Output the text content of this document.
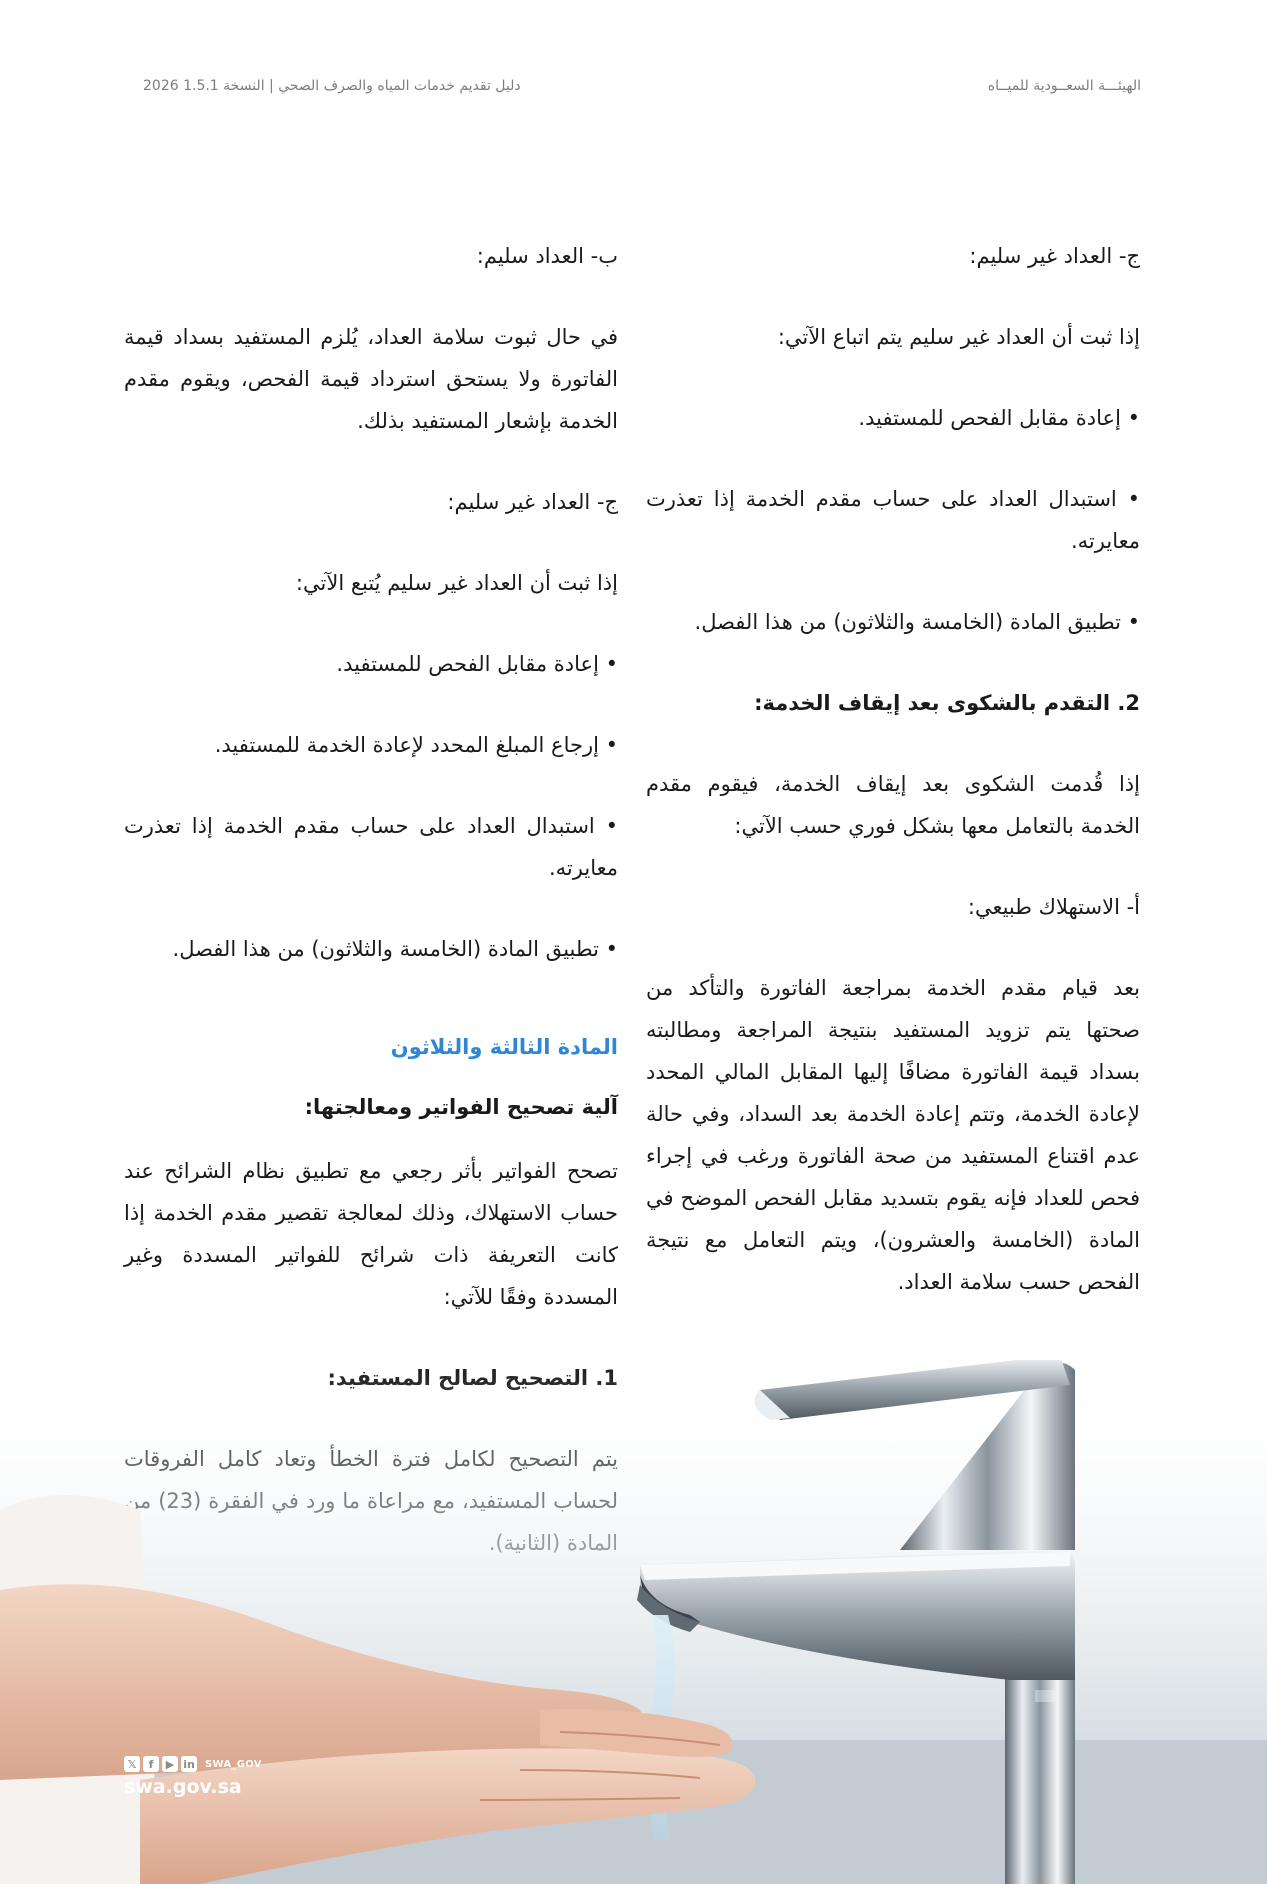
الهيئـــة السعــودية للميــاه
دليل تقديم خدمات المياه والصرف الصحي | النسخة 1.5.1 2026

ج- العداد غير سليم:

إذا ثبت أن العداد غير سليم يتم اتباع الآتي:

• إعادة مقابل الفحص للمستفيد.

• استبدال العداد على حساب مقدم الخدمة إذا تعذرت معايرته.

• تطبيق المادة (الخامسة والثلاثون) من هذا الفصل.

2. التقدم بالشكوى بعد إيقاف الخدمة:

إذا قُدمت الشكوى بعد إيقاف الخدمة، فيقوم مقدم الخدمة بالتعامل معها بشكل فوري حسب الآتي:

أ- الاستهلاك طبيعي:

بعد قيام مقدم الخدمة بمراجعة الفاتورة والتأكد من صحتها يتم تزويد المستفيد بنتيجة المراجعة ومطالبته بسداد قيمة الفاتورة مضافًا إليها المقابل المالي المحدد لإعادة الخدمة، وتتم إعادة الخدمة بعد السداد، وفي حالة عدم اقتناع المستفيد من صحة الفاتورة ورغب في إجراء فحص للعداد فإنه يقوم بتسديد مقابل الفحص الموضح في المادة (الخامسة والعشرون)، ويتم التعامل مع نتيجة الفحص حسب سلامة العداد.

ب- العداد سليم:

في حال ثبوت سلامة العداد، يُلزم المستفيد بسداد قيمة الفاتورة ولا يستحق استرداد قيمة الفحص، ويقوم مقدم الخدمة بإشعار المستفيد بذلك.

ج- العداد غير سليم:

إذا ثبت أن العداد غير سليم يُتبع الآتي:

• إعادة مقابل الفحص للمستفيد.

• إرجاع المبلغ المحدد لإعادة الخدمة للمستفيد.

• استبدال العداد على حساب مقدم الخدمة إذا تعذرت معايرته.

• تطبيق المادة (الخامسة والثلاثون) من هذا الفصل.

المادة الثالثة والثلاثون

آلية تصحيح الفواتير ومعالجتها:

تصحح الفواتير بأثر رجعي مع تطبيق نظام الشرائح عند حساب الاستهلاك، وذلك لمعالجة تقصير مقدم الخدمة إذا كانت التعريفة ذات شرائح للفواتير المسددة وغير المسددة وفقًا للآتي:

𝕏	f	▶ in SWA_GOV
swa.gov.sa
